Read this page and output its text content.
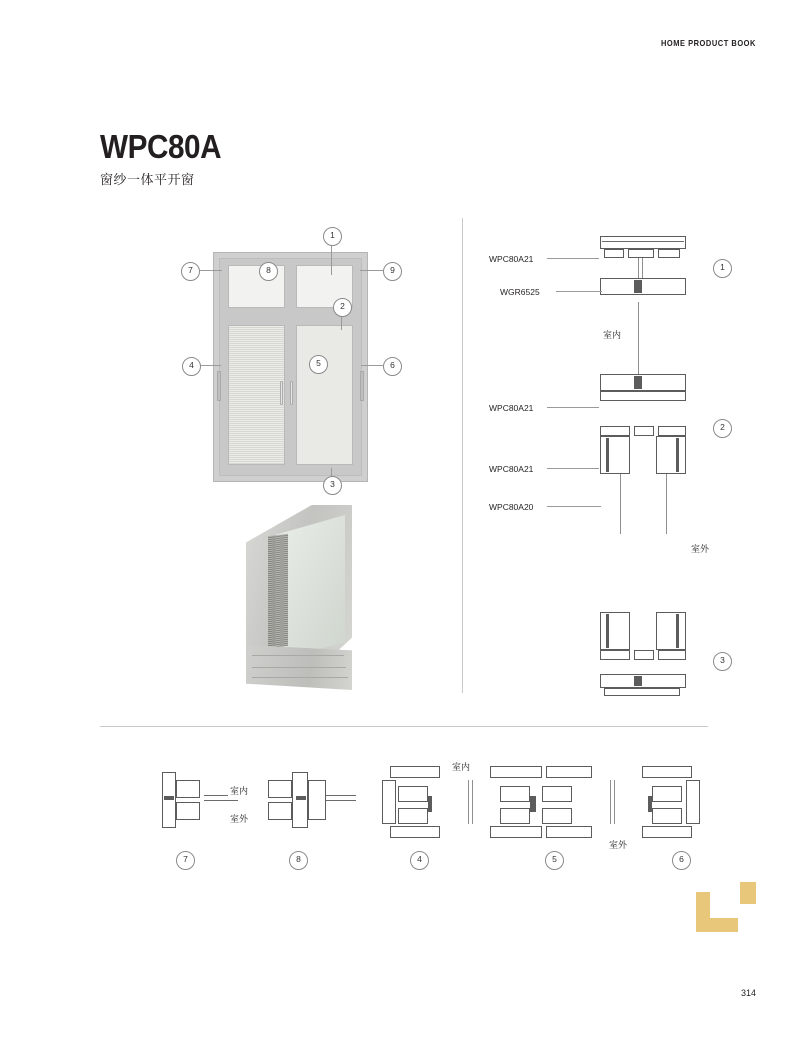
HOME PRODUCT BOOK
WPC80A
窗纱一体平开窗
1
7	8	9
2
4	5	6
3
WPC80A21
WGR6525
1
室内
WPC80A21
WPC80A21
WPC80A20
2
室外
3
室内
室外
7	8	4	5	6
室内
室外
314
